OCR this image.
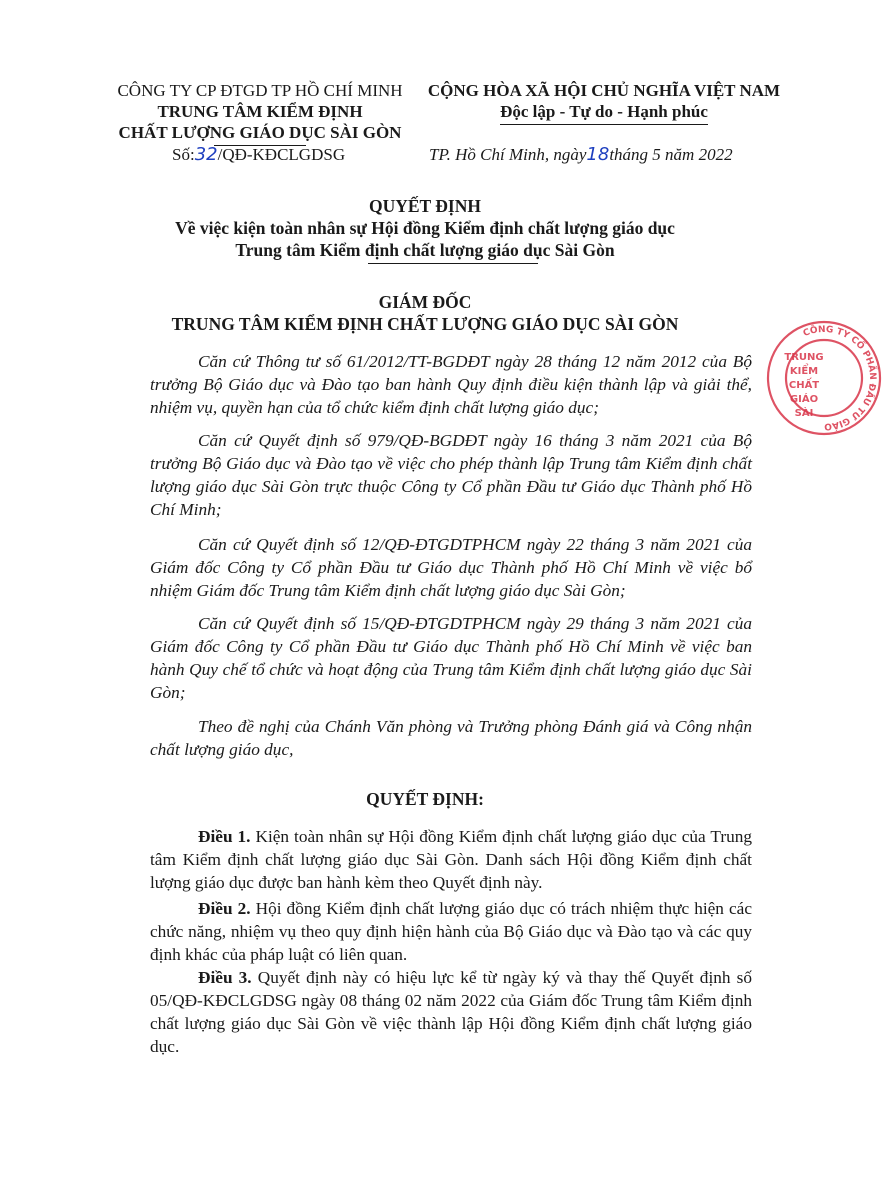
CÔNG TY CP ĐTGD TP HỒ CHÍ MINH
TRUNG TÂM KIỂM ĐỊNH
CHẤT LƯỢNG GIÁO DỤC SÀI GÒN
CỘNG HÒA XÃ HỘI CHỦ NGHĨA VIỆT NAM
Độc lập - Tự do - Hạnh phúc
Số:32/QĐ-KĐCLGDSG	TP. Hồ Chí Minh, ngày18tháng 5 năm 2022
QUYẾT ĐỊNH
Về việc kiện toàn nhân sự Hội đồng Kiểm định chất lượng giáo dục
Trung tâm Kiểm định chất lượng giáo dục Sài Gòn
GIÁM ĐỐC
TRUNG TÂM KIỂM ĐỊNH CHẤT LƯỢNG GIÁO DỤC SÀI GÒN
Căn cứ Thông tư số 61/2012/TT-BGDĐT ngày 28 tháng 12 năm 2012 của Bộ trưởng Bộ Giáo dục và Đào tạo ban hành Quy định điều kiện thành lập và giải thể, nhiệm vụ, quyền hạn của tổ chức kiểm định chất lượng giáo dục;
Căn cứ Quyết định số 979/QĐ-BGDĐT ngày 16 tháng 3 năm 2021 của Bộ trưởng Bộ Giáo dục và Đào tạo về việc cho phép thành lập Trung tâm Kiểm định chất lượng giáo dục Sài Gòn trực thuộc Công ty Cổ phần Đầu tư Giáo dục Thành phố Hồ Chí Minh;
Căn cứ Quyết định số 12/QĐ-ĐTGDTPHCM ngày 22 tháng 3 năm 2021 của Giám đốc Công ty Cổ phần Đầu tư Giáo dục Thành phố Hồ Chí Minh về việc bổ nhiệm Giám đốc Trung tâm Kiểm định chất lượng giáo dục Sài Gòn;
Căn cứ Quyết định số 15/QĐ-ĐTGDTPHCM ngày 29 tháng 3 năm 2021 của Giám đốc Công ty Cổ phần Đầu tư Giáo dục Thành phố Hồ Chí Minh về việc ban hành Quy chế tổ chức và hoạt động của Trung tâm Kiểm định chất lượng giáo dục Sài Gòn;
Theo đề nghị của Chánh Văn phòng và Trưởng phòng Đánh giá và Công nhận chất lượng giáo dục,
QUYẾT ĐỊNH:
Điều 1. Kiện toàn nhân sự Hội đồng Kiểm định chất lượng giáo dục của Trung tâm Kiểm định chất lượng giáo dục Sài Gòn. Danh sách Hội đồng Kiểm định chất lượng giáo dục được ban hành kèm theo Quyết định này.
Điều 2. Hội đồng Kiểm định chất lượng giáo dục có trách nhiệm thực hiện các chức năng, nhiệm vụ theo quy định hiện hành của Bộ Giáo dục và Đào tạo và các quy định khác của pháp luật có liên quan.
Điều 3. Quyết định này có hiệu lực kể từ ngày ký và thay thế Quyết định số 05/QĐ-KĐCLGDSG ngày 08 tháng 02 năm 2022 của Giám đốc Trung tâm Kiểm định chất lượng giáo dục Sài Gòn về việc thành lập Hội đồng Kiểm định chất lượng giáo dục.
CÔNG TY CỔ PHẦN ĐẦU TƯ GIÁO
TRUNG
KIỂM
CHẤT
GIÁO
SÀI
